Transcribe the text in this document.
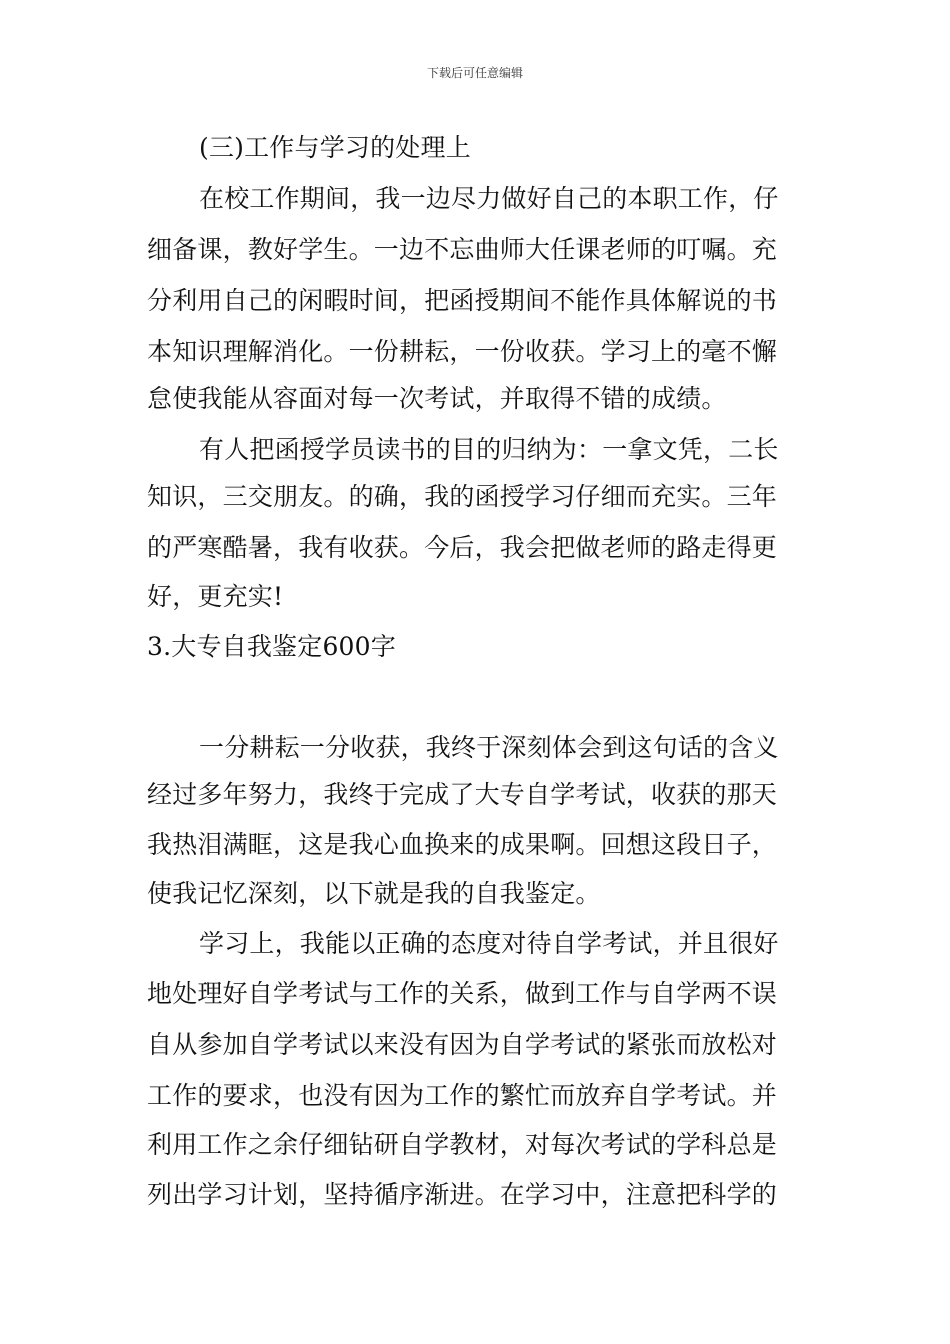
下载后可任意编辑
(三)工作与学习的处理上
在校工作期间，我一边尽力做好自己的本职工作，仔
细备课，教好学生。一边不忘曲师大任课老师的叮嘱。充
分利用自己的闲暇时间，把函授期间不能作具体解说的书
本知识理解消化。一份耕耘，一份收获。学习上的毫不懈
怠使我能从容面对每一次考试，并取得不错的成绩。
有人把函授学员读书的目的归纳为：一拿文凭，二长
知识，三交朋友。的确，我的函授学习仔细而充实。三年
的严寒酷暑，我有收获。今后，我会把做老师的路走得更
好，更充实!
3.大专自我鉴定600字
一分耕耘一分收获，我终于深刻体会到这句话的含义
经过多年努力，我终于完成了大专自学考试，收获的那天
我热泪满眶，这是我心血换来的成果啊。回想这段日子，
使我记忆深刻，以下就是我的自我鉴定。
学习上，我能以正确的态度对待自学考试，并且很好
地处理好自学考试与工作的关系，做到工作与自学两不误
自从参加自学考试以来没有因为自学考试的紧张而放松对
工作的要求，也没有因为工作的繁忙而放弃自学考试。并
利用工作之余仔细钻研自学教材，对每次考试的学科总是
列出学习计划，坚持循序渐进。在学习中，注意把科学的
